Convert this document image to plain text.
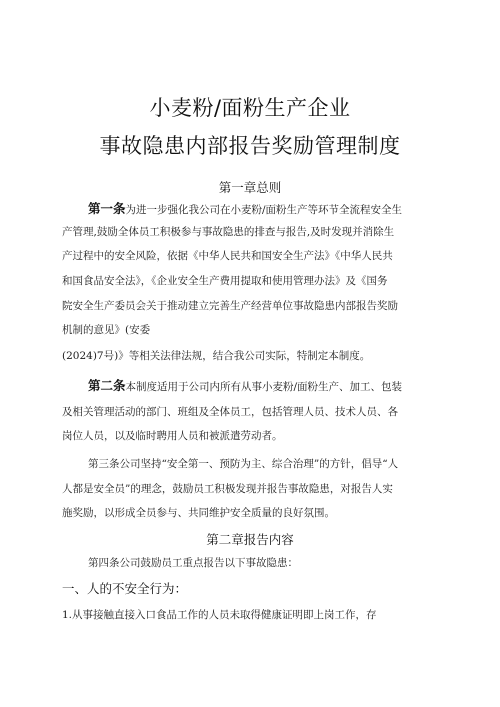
小麦粉/面粉生产企业
事故隐患内部报告奖励管理制度
第一章总则
第一条为进一步强化我公司在小麦粉/面粉生产等环节全流程安全生
产管理,鼓励全体员工积极参与事故隐患的排查与报告,及时发现并消除生
产过程中的安全风险，依据《中华人民共和国安全生产法》《中华人民共
和国食品安全法》，《企业安全生产费用提取和使用管理办法》及《国务
院安全生产委员会关于推动建立完善生产经营单位事故隐患内部报告奖励
机制的意见》(安委
(2024)7号)》等相关法律法规，结合我公司实际，特制定本制度。
第二条本制度适用于公司内所有从事小麦粉/面粉生产、加工、包装
及相关管理活动的部门、班组及全体员工，包括管理人员、技术人员、各
岗位人员，以及临时聘用人员和被派遣劳动者。
第三条公司坚持“安全第一、预防为主、综合治理”的方针，倡导“人
人都是安全员”的理念，鼓励员工积极发现并报告事故隐患，对报告人实
施奖励，以形成全员参与、共同维护安全质量的良好氛围。
第二章报告内容
第四条公司鼓励员工重点报告以下事故隐患：
一、人的不安全行为：
1.从事接触直接入口食品工作的人员未取得健康证明即上岗工作，存
